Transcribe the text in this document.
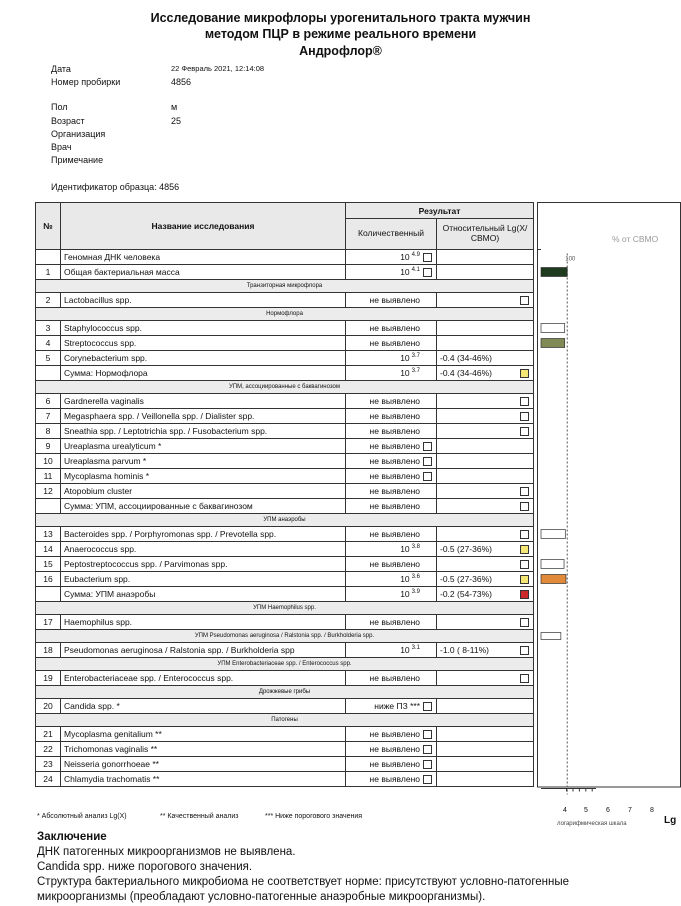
Исследование микрофлоры урогенитального тракта мужчин
методом ПЦР в режиме реального времени
Андрофлор®
Дата	22 Февраль 2021, 12:14:08
Номер пробирки	4856
Пол	м
Возраст	25
Организация
Врач
Примечание
Идентификатор образца: 4856
№	Название исследования	Результат	
		Количественный	Относительный Lg(X/СВМО)
	Геномная ДНК человека	10 $^{4.9}$

1	Общая бактериальная масса	10 $^{4.1}$

Транзиторная микрофлора			
2	Lactobacillus spp.	не выявлено	

Нормофлора			
3	Staphylococcus spp.	не выявлено	
4	Streptococcus spp.	не выявлено	
5	Corynebacterium spp.	10 $^{3.7}$	-0.4 (34-46%)
	Сумма: Нормофлора	10 $^{3.7}$	-0.4 (34-46%)

УПМ, ассоциированные с баквагинозом			
6	Gardnerella vaginalis	не выявлено	

7	Megasphaera spp. / Veillonella spp. / Dialister spp.	не выявлено	

8	Sneathia spp. / Leptotrichia spp. / Fusobacterium spp.	не выявлено	

9	Ureaplasma urealyticum *	не выявлено

10	Ureaplasma parvum *	не выявлено

11	Mycoplasma hominis *	не выявлено

12	Atopobium cluster	не выявлено	

	Сумма: УПМ, ассоциированные с баквагинозом	не выявлено	

УПМ анаэробы			
13	Bacteroides spp. / Porphyromonas spp. / Prevotella spp.	не выявлено	

14	Anaerococcus spp.	10 $^{3.8}$	-0.5 (27-36%)

15	Peptostreptococcus spp. / Parvimonas spp.	не выявлено	

16	Eubacterium spp.	10 $^{3.6}$	-0.5 (27-36%)

	Сумма: УПМ анаэробы	10 $^{3.9}$	-0.2 (54-73%)

УПМ Haemophilus spp.			
17	Haemophilus spp.	не выявлено	

УПМ Pseudomonas aeruginosa / Ralstonia spp. / Burkholderia spp.			
18	Pseudomonas aeruginosa / Ralstonia spp. / Burkholderia spp	10 $^{3.1}$	-1.0 ( 8-11%)

УПМ Enterobacteriaceae spp. / Enterococcus spp.			
19	Enterobacteriaceae spp. / Enterococcus spp.	не выявлено	

Дрожжевые грибы			
20	Candida spp. *	ниже ПЗ ***

Патогены			
21	Mycoplasma genitalium **	не выявлено

22	Trichomonas vaginalis **	не выявлено

23	Neisseria gonorrhoeae **	не выявлено

24	Chlamydia trachomatis **	не выявлено

% от СВМО
100
* Абсолютный анализ Lg(X)	** Качественный анализ	*** Ниже порогового значения
Заключение
ДНК патогенных микроорганизмов не выявлена.
Candida spp. ниже порогового значения.
Структура бактериального микробиома не соответствует норме: присутствуют условно-патогенные
микроорганизмы (преобладают условно-патогенные анаэробные микроорганизмы).
4 5	6	7	8
логарифмическая шкала	Lg
